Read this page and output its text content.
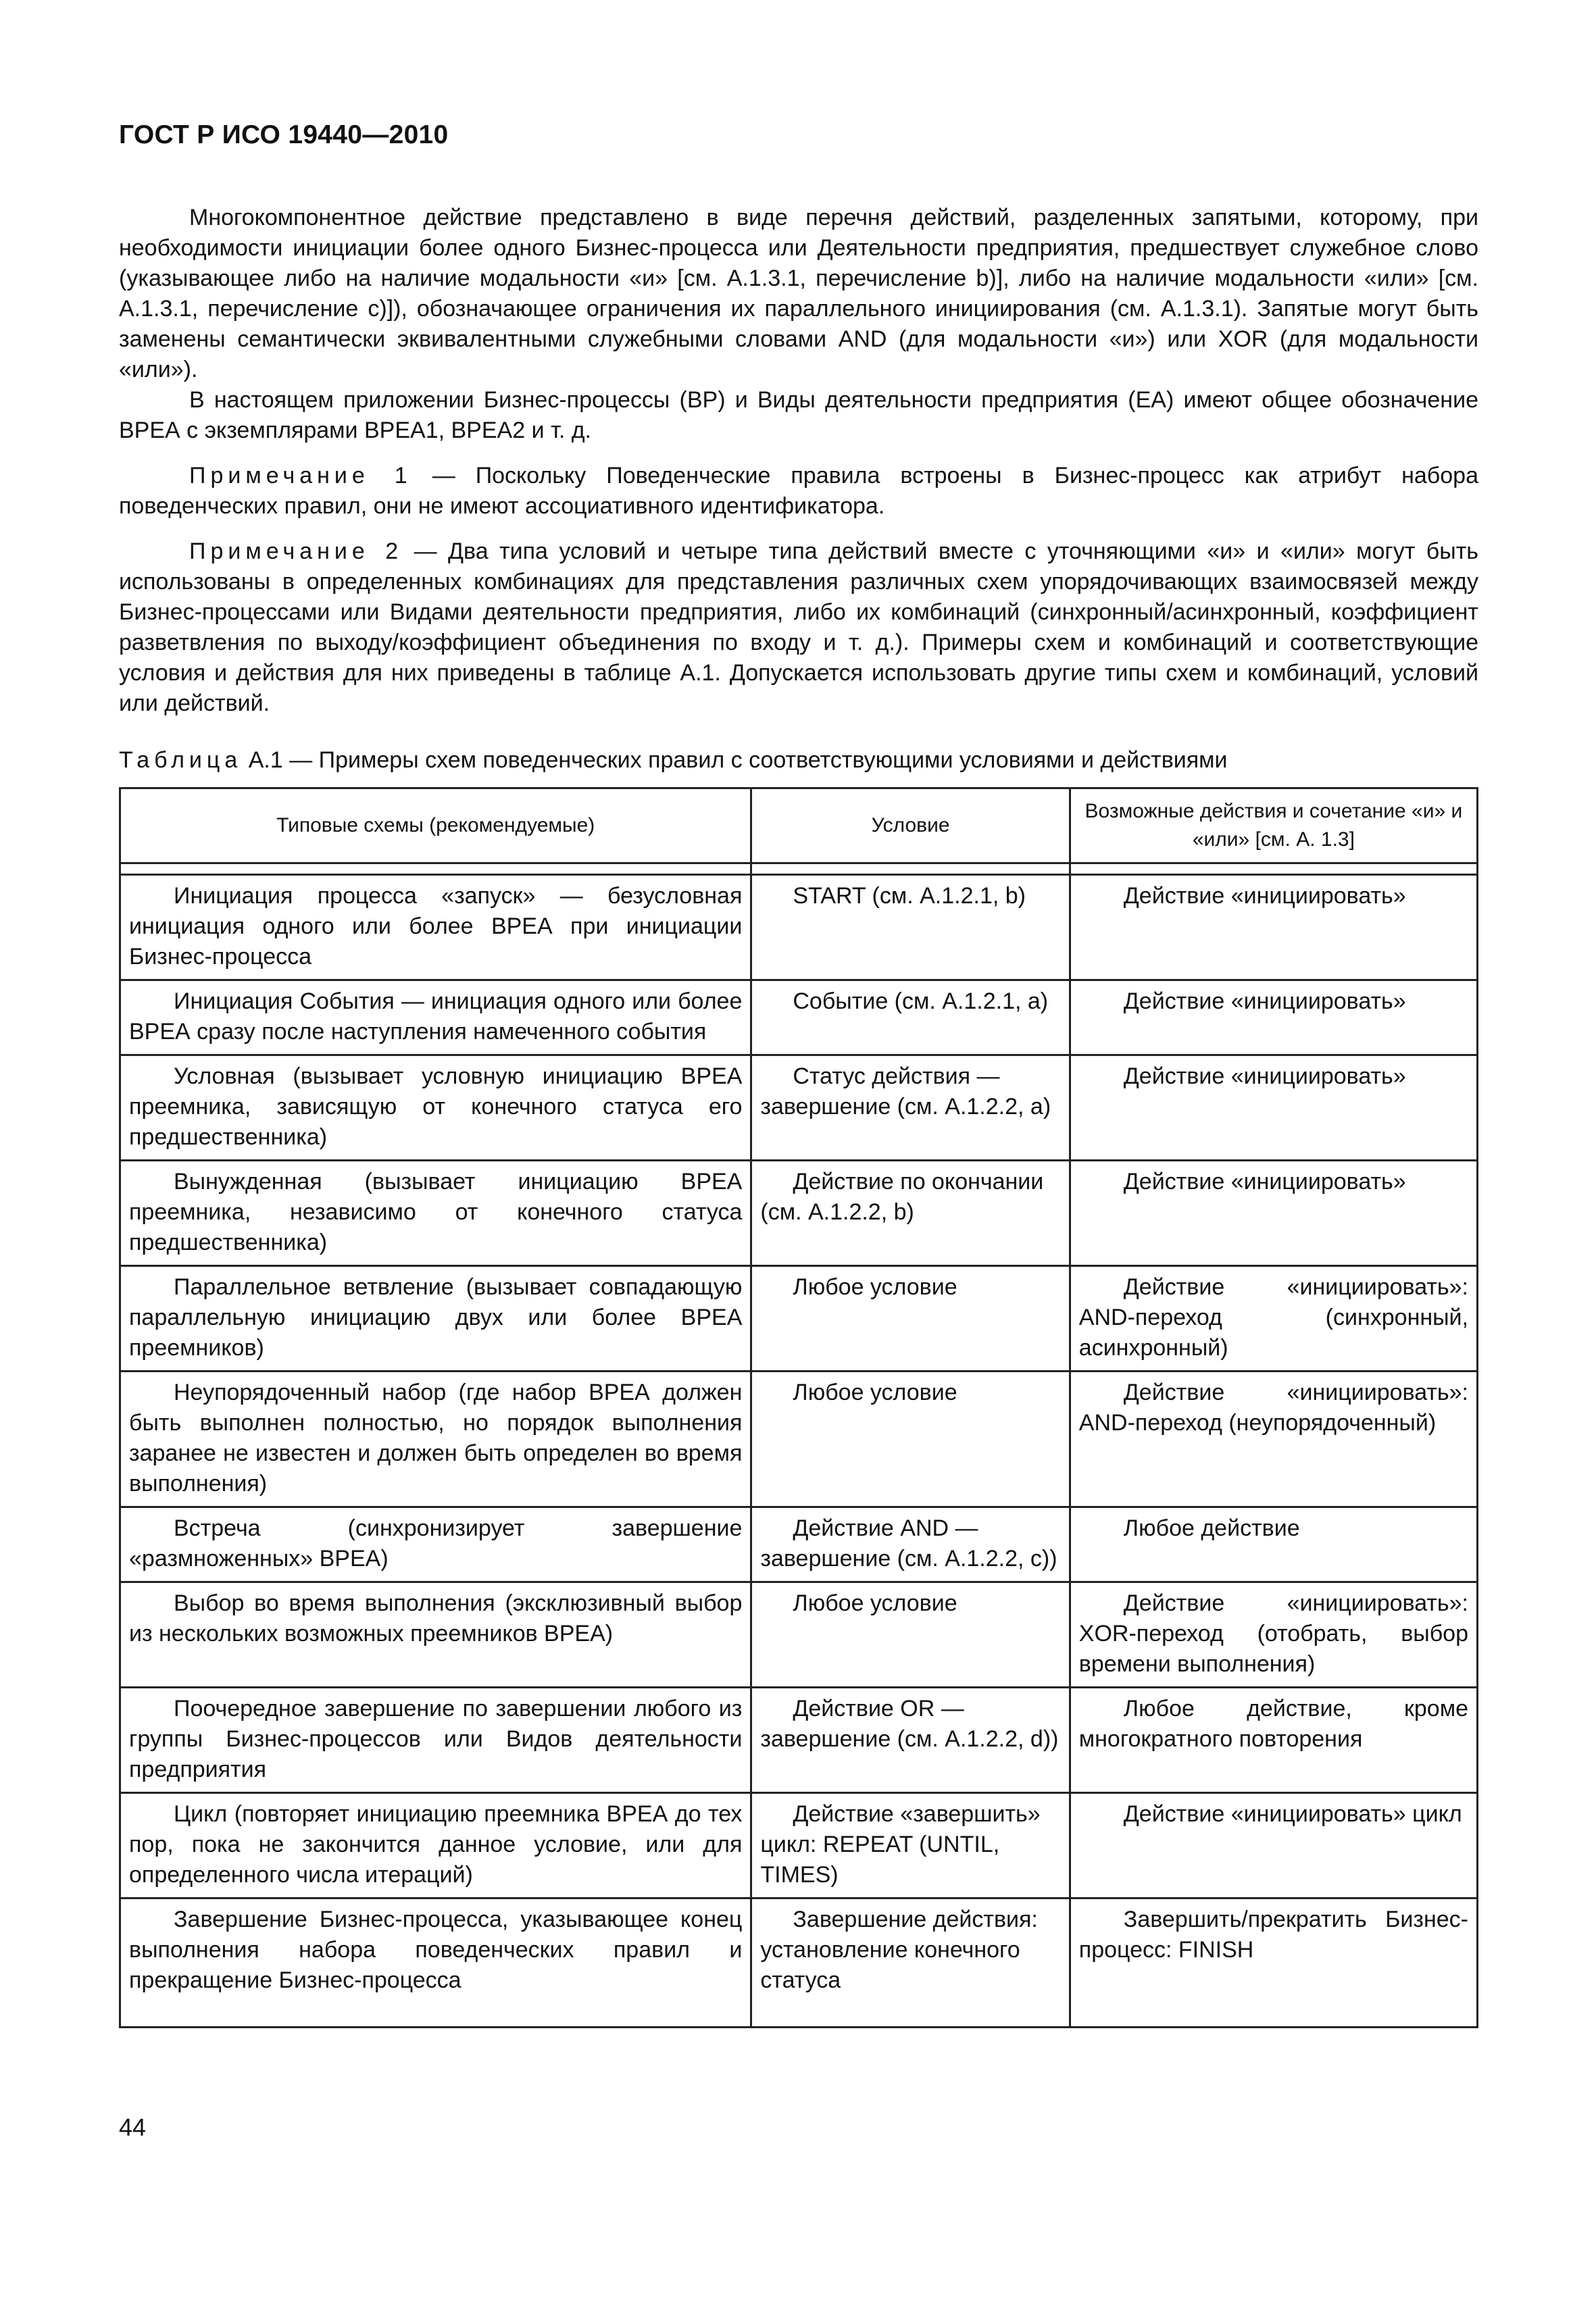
ГОСТ Р ИСО 19440—2010

Многокомпонентное действие представлено в виде перечня действий, разделенных запятыми, которому, при необходимости инициации более одного Бизнес-процесса или Деятельности предприятия, предшествует служебное слово (указывающее либо на наличие модальности «и» [см. А.1.3.1, перечисление b)], либо на наличие модальности «или» [см. А.1.3.1, перечисление с)]), обозначающее ограничения их параллельного инициирования (см. А.1.3.1). Запятые могут быть заменены семантически эквивалентными служебными словами AND (для модальности «и») или XOR (для модальности «или»).

В настоящем приложении Бизнес-процессы (ВР) и Виды деятельности предприятия (ЕА) имеют общее обозначение ВРЕА с экземплярами ВРЕА1, ВРЕА2 и т. д.

Примечание 1 — Поскольку Поведенческие правила встроены в Бизнес-процесс как атрибут набора поведенческих правил, они не имеют ассоциативного идентификатора.

Примечание 2 — Два типа условий и четыре типа действий вместе с уточняющими «и» и «или» могут быть использованы в определенных комбинациях для представления различных схем упорядочивающих взаимосвязей между Бизнес-процессами или Видами деятельности предприятия, либо их комбинаций (синхронный/асинхронный, коэффициент разветвления по выходу/коэффициент объединения по входу и т. д.). Примеры схем и комбинаций и соответствующие условия и действия для них приведены в таблице А.1. Допускается использовать другие типы схем и комбинаций, условий или действий.

Таблица А.1 — Примеры схем поведенческих правил с соответствующими условиями и действиями
Типовые схемы (рекомендуемые)	Условие	Возможные действия и сочетание «и» и «или» [см. А. 1.3]

Инициация процесса «запуск» — безусловная инициация одного или более ВРЕА при инициации Бизнес-процесса	START (см. А.1.2.1, b)	Действие «инициировать»
Инициация События — инициация одного или более ВРЕА сразу после наступления намеченного события	Событие (см. А.1.2.1, а)	Действие «инициировать»
Условная (вызывает условную инициацию ВРЕА преемника, зависящую от конечного статуса его предшественника)	Статус действия — завершение (см. А.1.2.2, а)	Действие «инициировать»
Вынужденная (вызывает инициацию ВРЕА преемника, независимо от конечного статуса предшественника)	Действие по окончании (см. А.1.2.2, b)	Действие «инициировать»
Параллельное ветвление (вызывает совпадающую параллельную инициацию двух или более ВРЕА преемников)	Любое условие	Действие «инициировать»: AND-переход (синхронный, асинхронный)
Неупорядоченный набор (где набор ВРЕА должен быть выполнен полностью, но порядок выполнения заранее не известен и должен быть определен во время выполнения)	Любое условие	Действие «инициировать»: AND-переход (неупорядоченный)
Встреча (синхронизирует завершение «размноженных» ВРЕА)	Действие AND — завершение (см. А.1.2.2, с))	Любое действие
Выбор во время выполнения (эксклюзивный выбор из нескольких возможных преемников ВРЕА)	Любое условие	Действие «инициировать»: XOR-переход (отобрать, выбор времени выполнения)
Поочередное завершение по завершении любого из группы Бизнес-процессов или Видов деятельности предприятия	Действие OR — завершение (см. А.1.2.2, d))	Любое действие, кроме многократного повторения
Цикл (повторяет инициацию преемника ВРЕА до тех пор, пока не закончится данное условие, или для определенного числа итераций)	Действие «завершить» цикл: REPEAT (UNTIL, TIMES)	Действие «инициировать» цикл
Завершение Бизнес-процесса, указывающее конец выполнения набора поведенческих правил и прекращение Бизнес-процесса	Завершение действия: установление конечного статуса	Завершить/прекратить Бизнес-процесс: FINISH
44
